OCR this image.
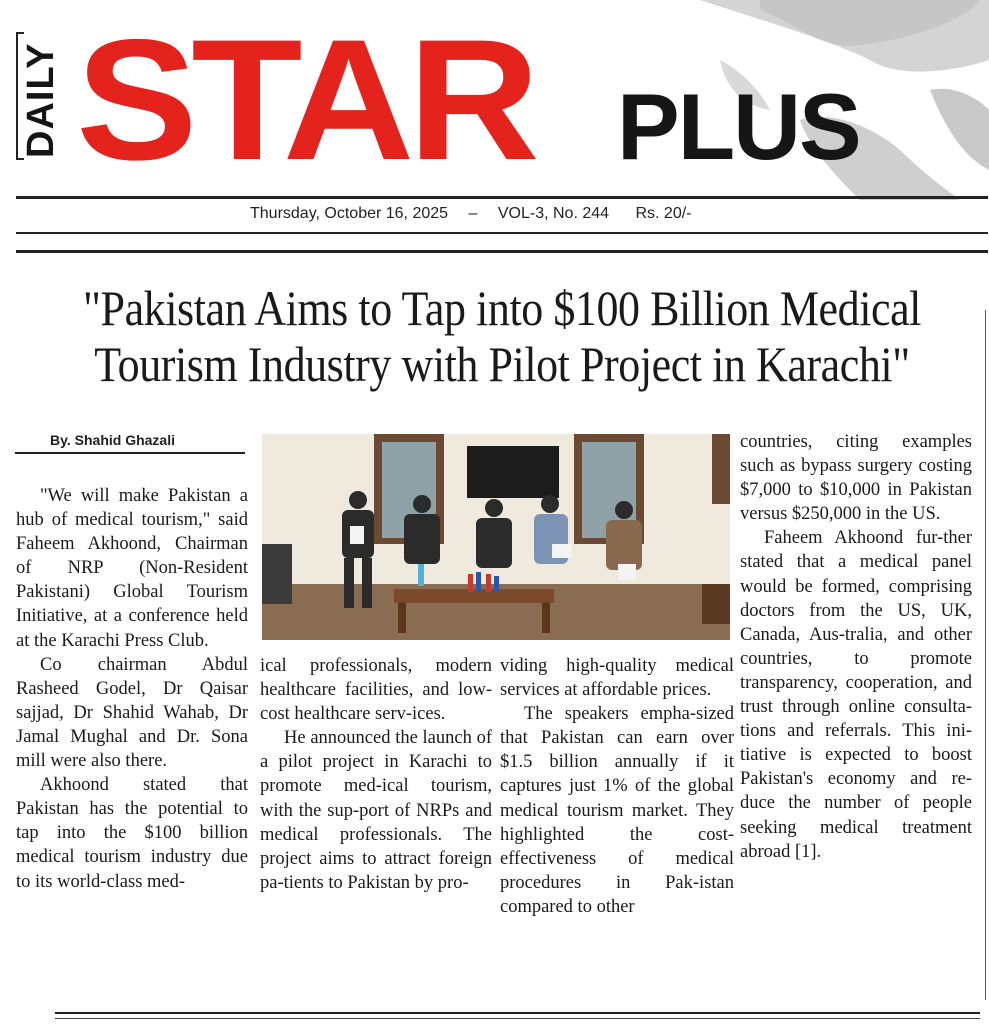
DAILY STAR PLUS
Thursday, October 16, 2025 – VOL-3, No. 244 Rs. 20/-
"Pakistan Aims to Tap into $100 Billion Medical
Tourism Industry with Pilot Project in Karachi"
By. Shahid Ghazali

"We will make Pakistan a hub of medical tourism," said Faheem Akhoond, Chairman of NRP (Non-Resident Pakistani) Global Tourism Initiative, at a conference held at the Karachi Press Club.

Co chairman Abdul Rasheed Godel, Dr Qaisar sajjad, Dr Shahid Wahab, Dr Jamal Mughal and Dr. Sona mill were also there.

Akhoond stated that Pakistan has the potential to tap into the $100 billion medical tourism industry due to its world-class med-

ical professionals, modern healthcare facilities, and low-cost healthcare serv-ices.

He announced the launch of a pilot project in Karachi to promote med-ical tourism, with the sup-port of NRPs and medical professionals. The project aims to attract foreign pa-tients to Pakistan by pro-

viding high-quality medical services at affordable prices.

The speakers empha-sized that Pakistan can earn over $1.5 billion annually if it captures just 1% of the global medical tourism market. They highlighted the cost-effectiveness of medical procedures in Pak-istan compared to other

countries, citing examples such as bypass surgery costing $7,000 to $10,000 in Pakistan versus $250,000 in the US.

Faheem Akhoond fur-ther stated that a medical panel would be formed, comprising doctors from the US, UK, Canada, Aus-tralia, and other countries, to promote transparency, cooperation, and trust through online consulta-tions and referrals. This ini-tiative is expected to boost Pakistan's economy and re-duce the number of people seeking medical treatment abroad [1].
